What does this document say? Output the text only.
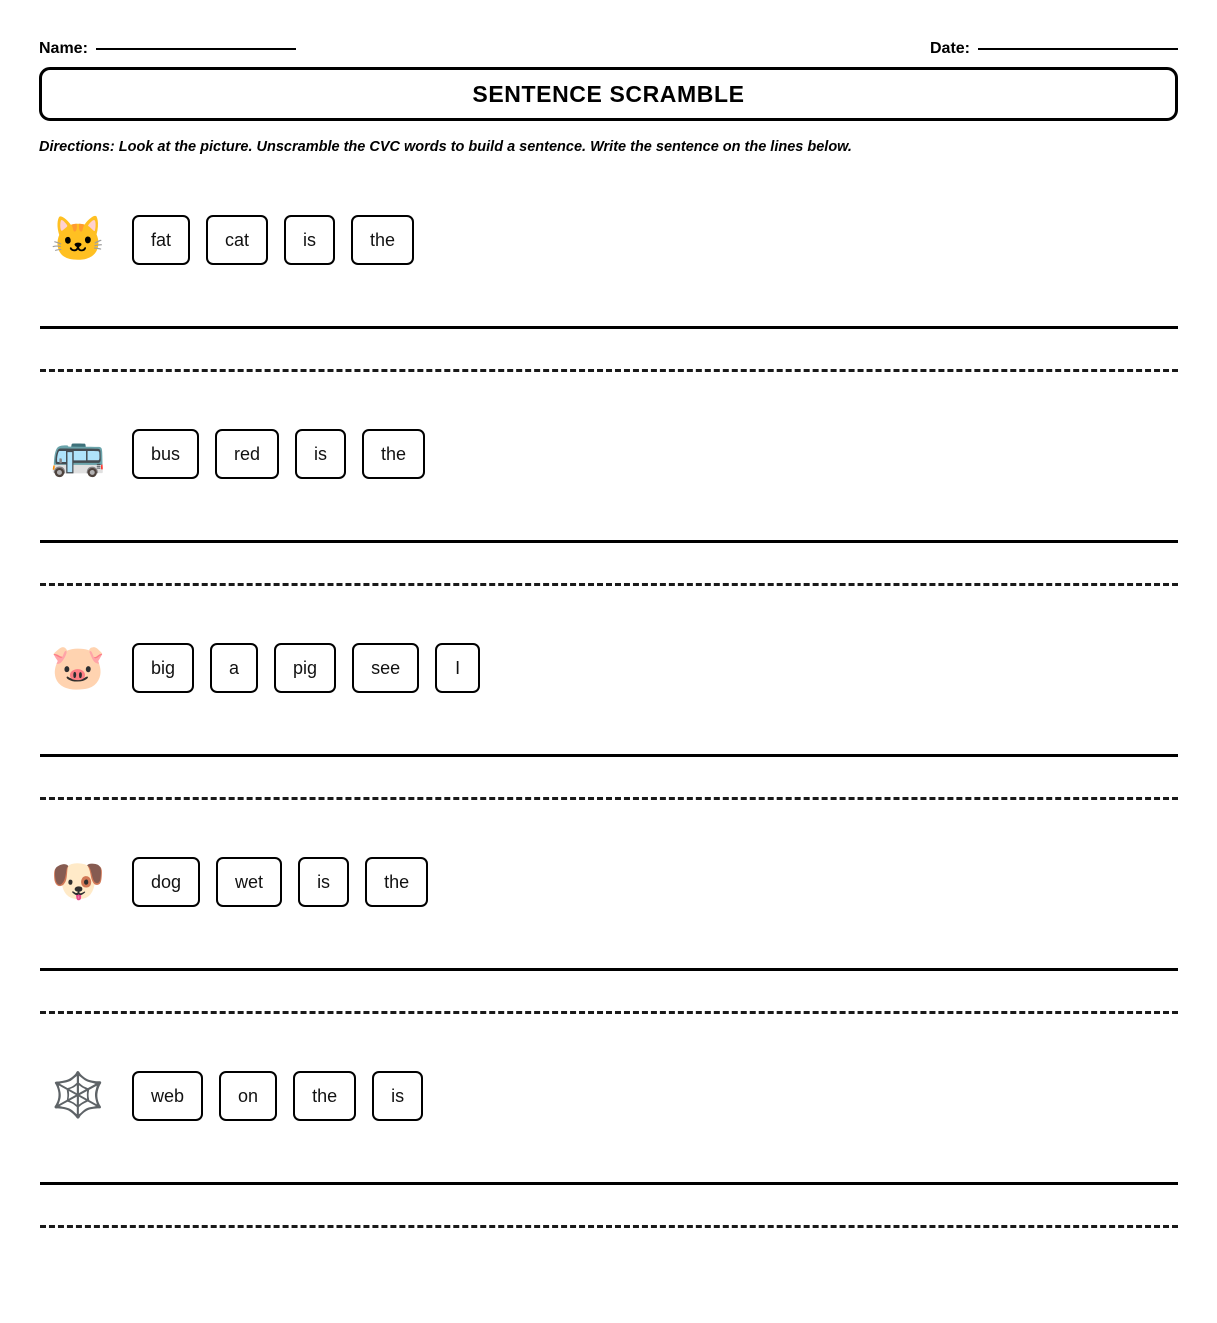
Name:	Date:
SENTENCE SCRAMBLE
Directions: Look at the picture. Unscramble the CVC words to build a sentence. Write the sentence on the lines below.
🐱	fat	cat	is	the
🚌	bus	red	is	the
🐷	big	a	pig	see	I
🐶	dog	wet	is	the
🕸️	web	on	the	is
